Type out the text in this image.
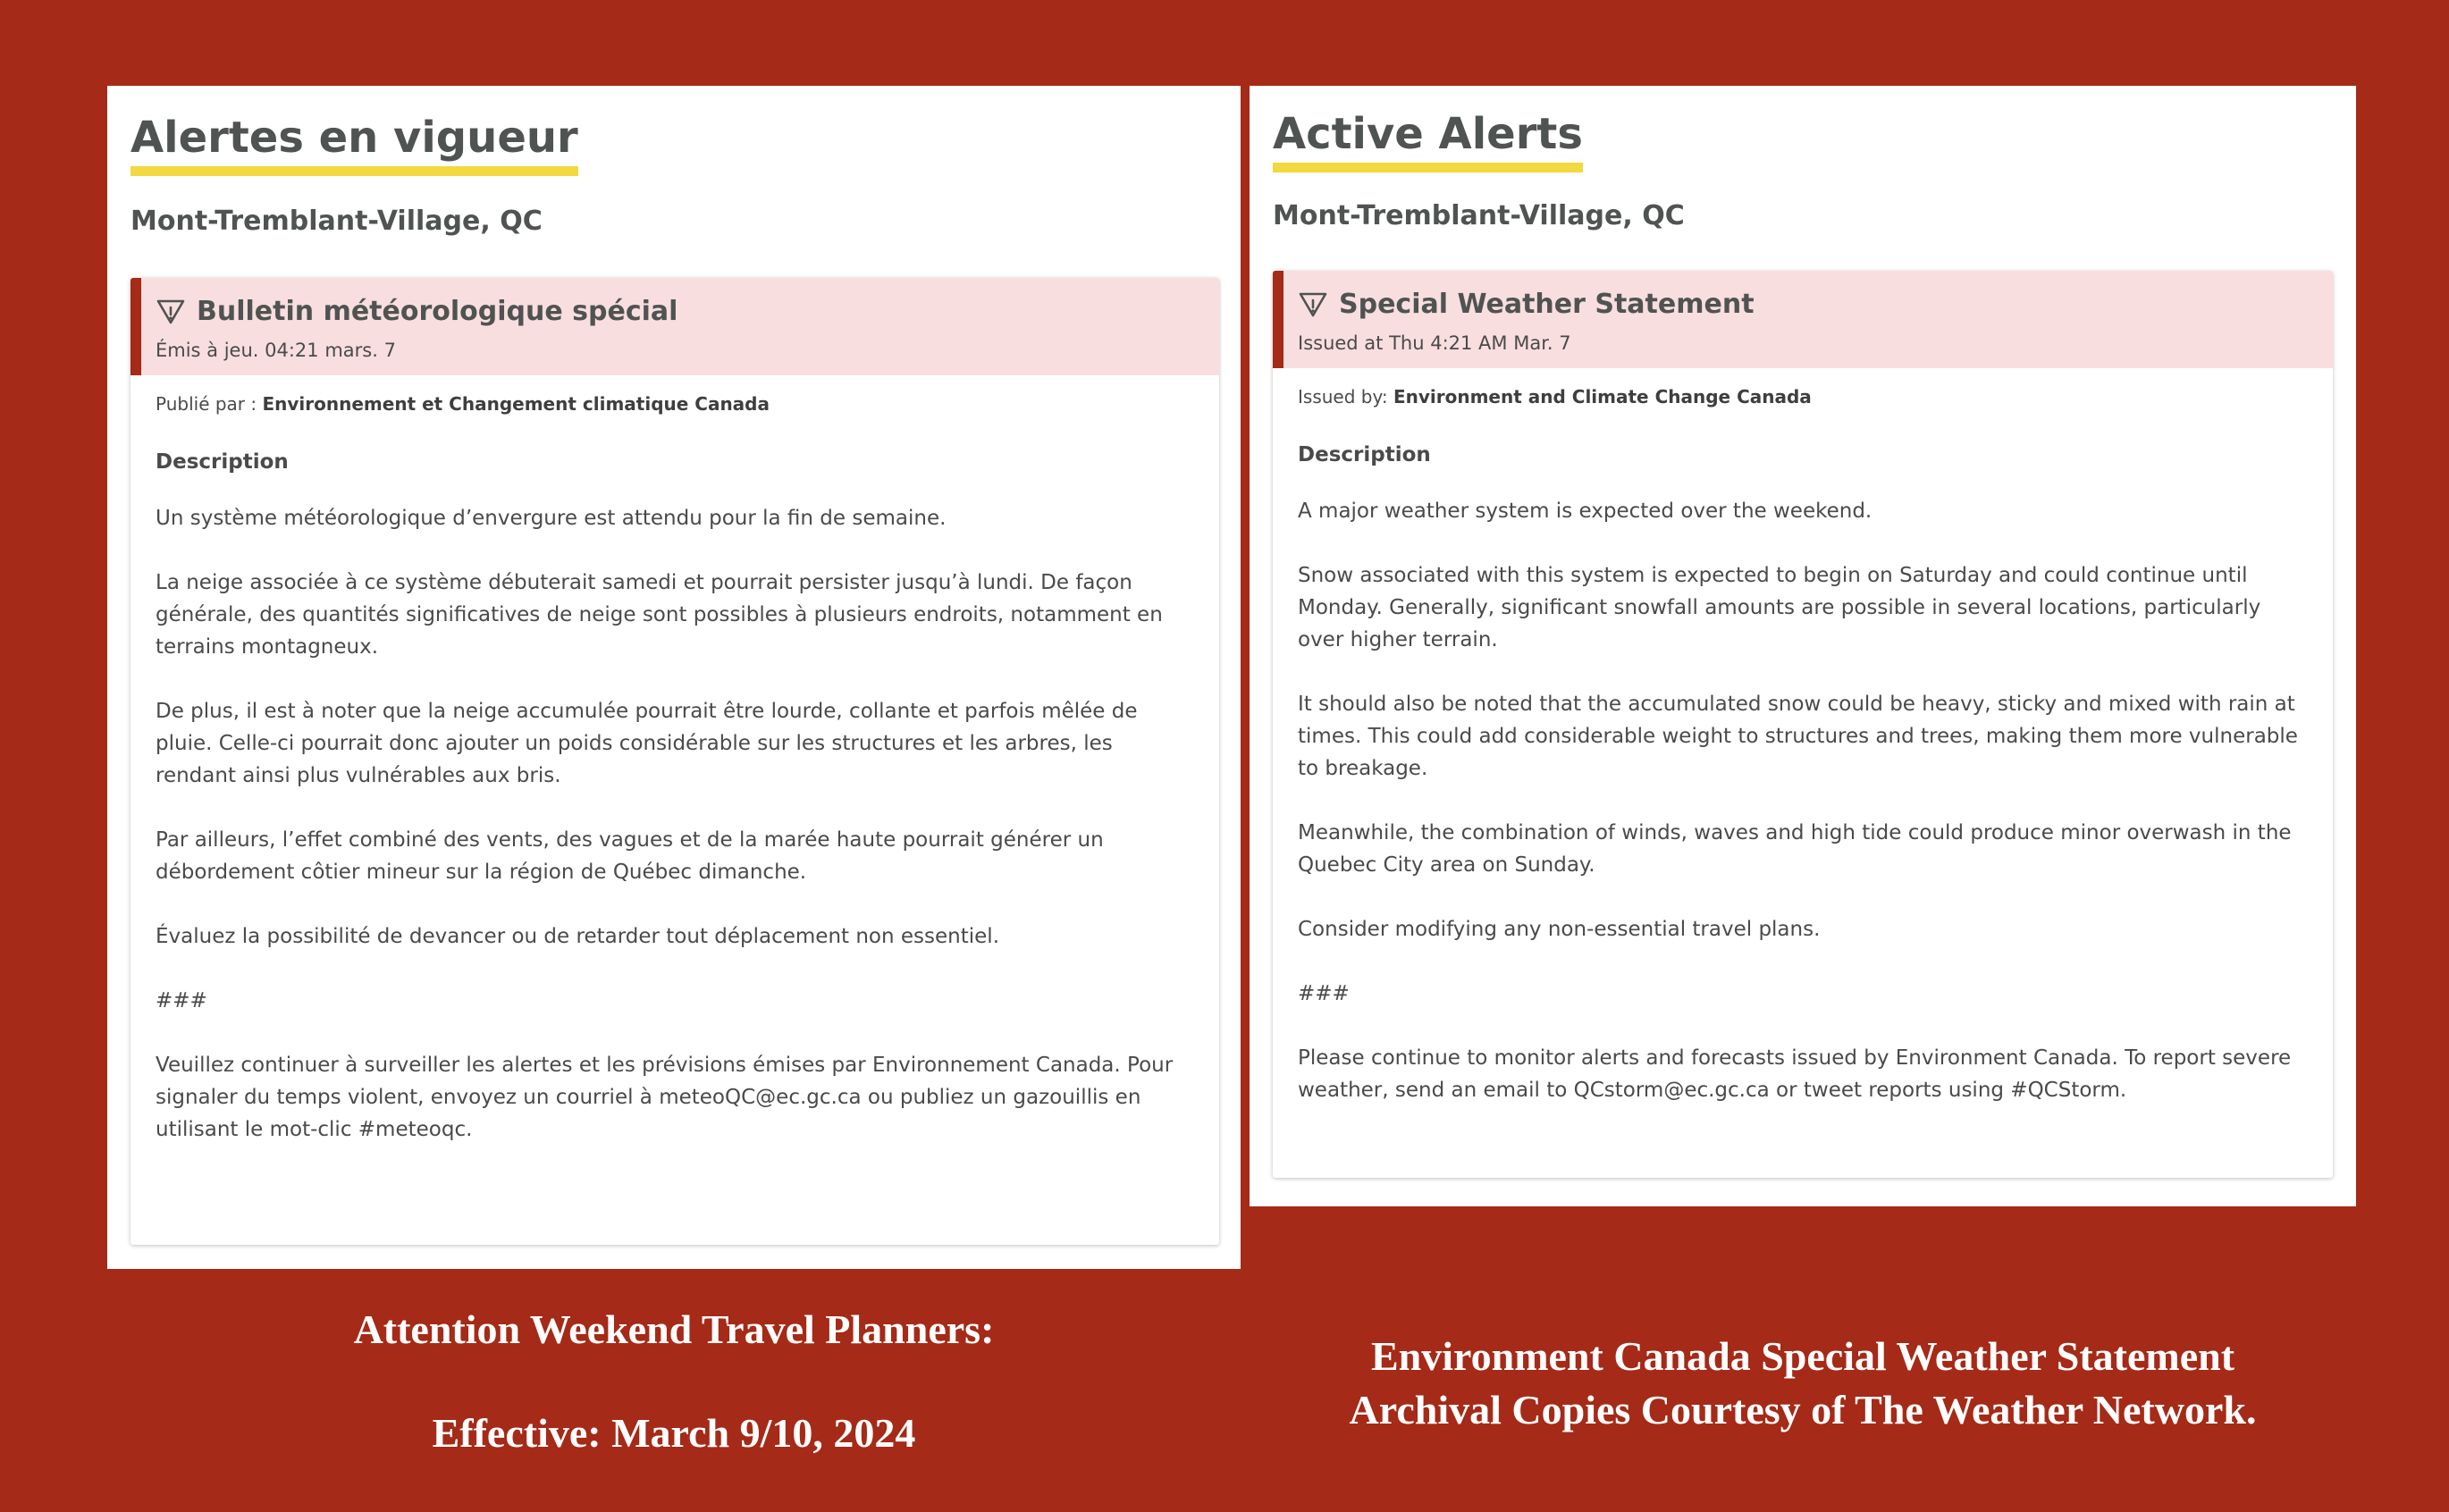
Alertes en vigueur
Mont-Tremblant-Village, QC
Bulletin météorologique spécial
Émis à jeu. 04:21 mars. 7
Publié par : Environnement et Changement climatique Canada
Description

Un système météorologique d’envergure est attendu pour la fin de semaine.

La neige associée à ce système débuterait samedi et pourrait persister jusqu’à lundi. De façon générale, des quantités significatives de neige sont possibles à plusieurs endroits, notamment en terrains montagneux.

De plus, il est à noter que la neige accumulée pourrait être lourde, collante et parfois mêlée de pluie. Celle-ci pourrait donc ajouter un poids considérable sur les structures et les arbres, les rendant ainsi plus vulnérables aux bris.

Par ailleurs, l’effet combiné des vents, des vagues et de la marée haute pourrait générer un débordement côtier mineur sur la région de Québec dimanche.

Évaluez la possibilité de devancer ou de retarder tout déplacement non essentiel.

###

Veuillez continuer à surveiller les alertes et les prévisions émises par Environnement Canada. Pour signaler du temps violent, envoyez un courriel à meteoQC@ec.gc.ca ou publiez un gazouillis en utilisant le mot-clic #meteoqc.

Active Alerts
Mont-Tremblant-Village, QC
Special Weather Statement
Issued at Thu 4:21 AM Mar. 7
Issued by: Environment and Climate Change Canada
Description

A major weather system is expected over the weekend.

Snow associated with this system is expected to begin on Saturday and could continue until Monday. Generally, significant snowfall amounts are possible in several locations, particularly over higher terrain.

It should also be noted that the accumulated snow could be heavy, sticky and mixed with rain at times. This could add considerable weight to structures and trees, making them more vulnerable to breakage.

Meanwhile, the combination of winds, waves and high tide could produce minor overwash in the Quebec City area on Sunday.

Consider modifying any non-essential travel plans.

###

Please continue to monitor alerts and forecasts issued by Environment Canada. To report severe weather, send an email to QCstorm@ec.gc.ca or tweet reports using #QCStorm.

Attention Weekend Travel Planners:
Effective: March 9/10, 2024
Environment Canada Special Weather Statement
Archival Copies Courtesy of The Weather Network.
